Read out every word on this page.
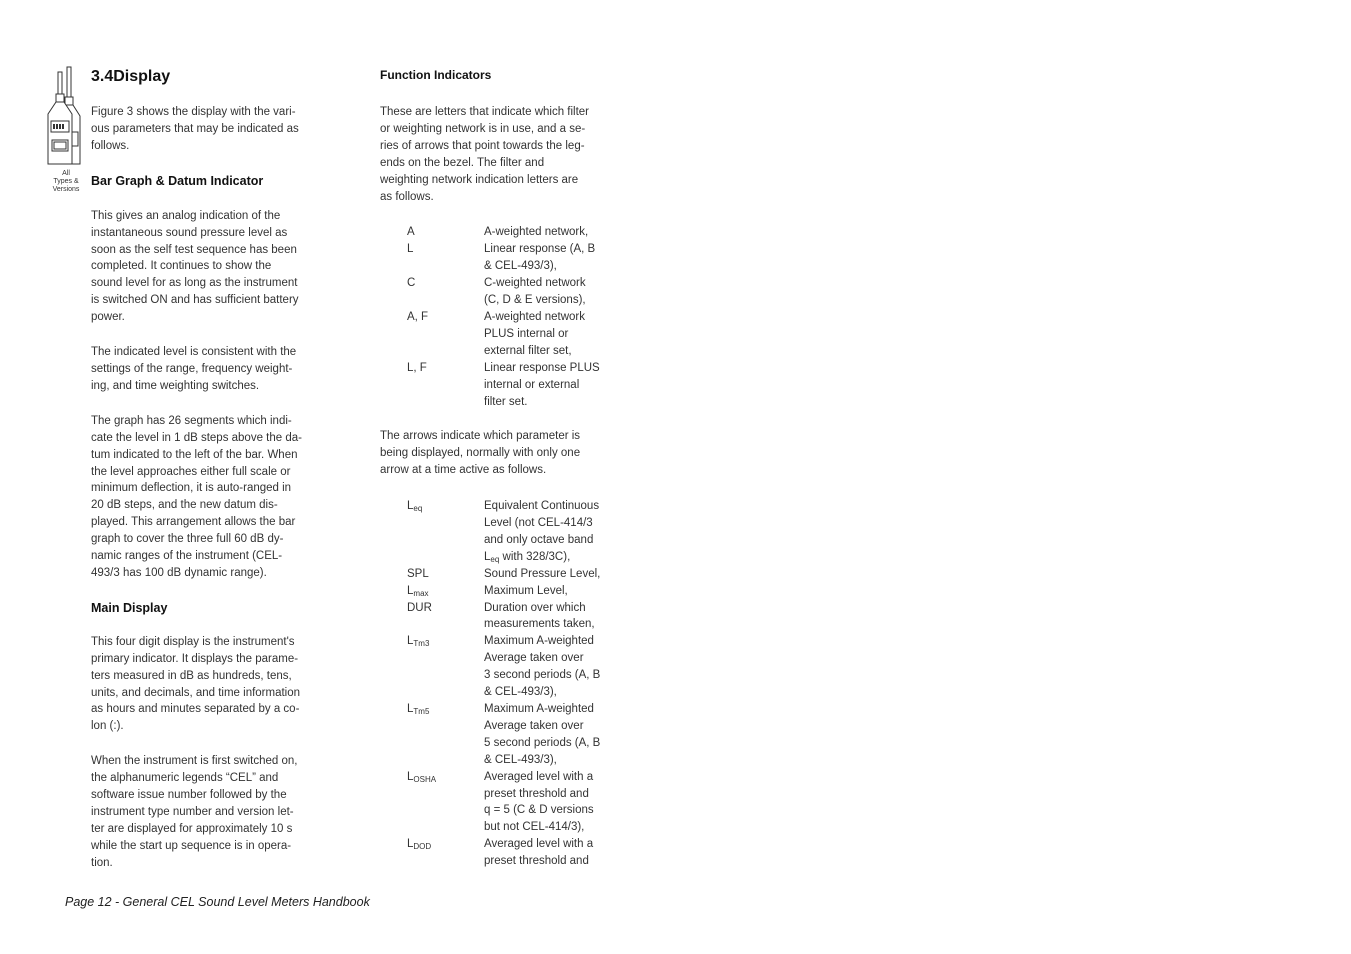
All
Types &
Versions
3.4Display

Figure 3 shows the display with the vari-
ous parameters that may be indicated as
follows.

Bar Graph & Datum Indicator

This gives an analog indication of the
instantaneous sound pressure level as
soon as the self test sequence has been
completed. It continues to show the
sound level for as long as the instrument
is switched ON and has sufficient battery
power.

The indicated level is consistent with the
settings of the range, frequency weight-
ing, and time weighting switches.

The graph has 26 segments which indi-
cate the level in 1 dB steps above the da-
tum indicated to the left of the bar. When
the level approaches either full scale or
minimum deflection, it is auto-ranged in
20 dB steps, and the new datum dis-
played. This arrangement allows the bar
graph to cover the three full 60 dB dy-
namic ranges of the instrument (CEL-
493/3 has 100 dB dynamic range).

Main Display

This four digit display is the instrument's
primary indicator. It displays the parame-
ters measured in dB as hundreds, tens,
units, and decimals, and time information
as hours and minutes separated by a co-
lon (:).

When the instrument is first switched on,
the alphanumeric legends “CEL” and
software issue number followed by the
instrument type number and version let-
ter are displayed for approximately 10 s
while the start up sequence is in opera-
tion.

Function Indicators

These are letters that indicate which filter
or weighting network is in use, and a se-
ries of arrows that point towards the leg-
ends on the bezel. The filter and
weighting network indication letters are
as follows.

A	A-weighted network,
L	Linear response (A, B
& CEL-493/3),
C	C-weighted network
(C, D & E versions),
A, F	A-weighted network
PLUS internal or
external filter set,
L, F	Linear response PLUS
internal or external
filter set.

The arrows indicate which parameter is
being displayed, normally with only one
arrow at a time active as follows.

$L_{eq}$	Equivalent Continuous
Level (not CEL-414/3
and only octave band
$L_{eq}$ with 328/3C),
SPL	Sound Pressure Level,
$L_{max}$	Maximum Level,
DUR	Duration over which
measurements taken,
$L_{Tm3}$	Maximum A-weighted
Average taken over
3 second periods (A, B
& CEL-493/3),
$L_{Tm5}$	Maximum A-weighted
Average taken over
5 second periods (A, B
& CEL-493/3),
$L_{OSHA}$	Averaged level with a
preset threshold and
q = 5 (C & D versions
but not CEL-414/3),
$L_{DOD}$	Averaged level with a
preset threshold and
Page 12 - General CEL Sound Level Meters Handbook
